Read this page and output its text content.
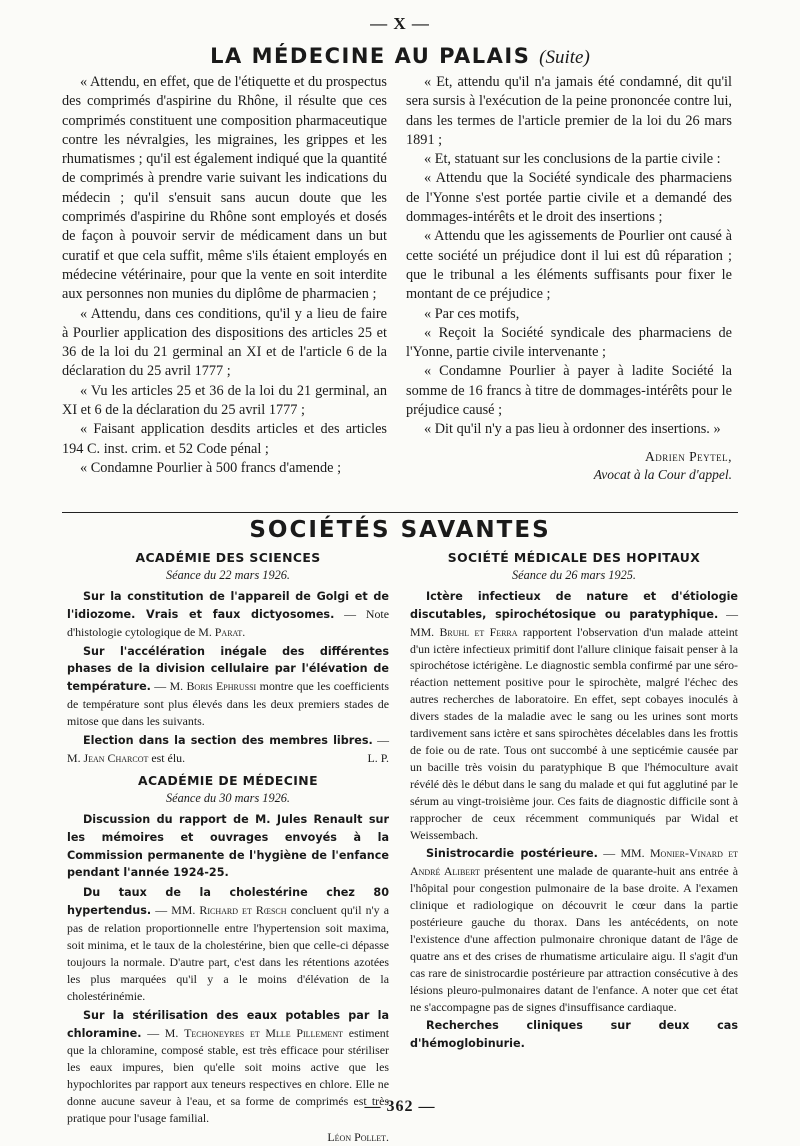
— X —
LA MÉDECINE AU PALAIS (Suite)

« Attendu, en effet, que de l'étiquette et du prospectus des comprimés d'aspirine du Rhône, il résulte que ces comprimés constituent une composition pharmaceutique contre les névralgies, les migraines, les grippes et les rhumatismes ; qu'il est également indiqué que la quantité de comprimés à prendre varie suivant les indications du médecin ; qu'il s'ensuit sans aucun doute que les comprimés d'aspirine du Rhône sont employés et dosés de façon à pouvoir servir de médicament dans un but curatif et que cela suffit, même s'ils étaient employés en médecine vétérinaire, pour que la vente en soit interdite aux personnes non munies du diplôme de pharmacien ;

« Attendu, dans ces conditions, qu'il y a lieu de faire à Pourlier application des dispositions des articles 25 et 36 de la loi du 21 germinal an XI et de l'article 6 de la déclaration du 25 avril 1777 ;

« Vu les articles 25 et 36 de la loi du 21 germinal, an XI et 6 de la déclaration du 25 avril 1777 ;

« Faisant application desdits articles et des articles 194 C. inst. crim. et 52 Code pénal ;

« Condamne Pourlier à 500 francs d'amende ;

« Et, attendu qu'il n'a jamais été condamné, dit qu'il sera sursis à l'exécution de la peine prononcée contre lui, dans les termes de l'article premier de la loi du 26 mars 1891 ;

« Et, statuant sur les conclusions de la partie civile :

« Attendu que la Société syndicale des pharmaciens de l'Yonne s'est portée partie civile et a demandé des dommages-intérêts et le droit des insertions ;

« Attendu que les agissements de Pourlier ont causé à cette société un préjudice dont il lui est dû réparation ; que le tribunal a les éléments suffisants pour fixer le montant de ce préjudice ;

« Par ces motifs,

« Reçoit la Société syndicale des pharmaciens de l'Yonne, partie civile intervenante ;

« Condamne Pourlier à payer à ladite Société la somme de 16 francs à titre de dommages-intérêts pour le préjudice causé ;

« Dit qu'il n'y a pas lieu à ordonner des insertions. »

Adrien Peytel,
Avocat à la Cour d'appel.
SOCIÉTÉS SAVANTES
ACADÉMIE DES SCIENCES
Séance du 22 mars 1926.

Sur la constitution de l'appareil de Golgi et de l'idiozome. Vrais et faux dictyosomes. — Note d'histologie cytologique de M. Parat.

Sur l'accélération inégale des différentes phases de la division cellulaire par l'élévation de température. — M. Boris Ephrussi montre que les coefficients de température sont plus élevés dans les deux premiers stades de mitose que dans les suivants.

Election dans la section des membres libres. — M. Jean Charcot est élu.	L. P.

ACADÉMIE DE MÉDECINE
Séance du 30 mars 1926.

Discussion du rapport de M. Jules Renault sur les mémoires et ouvrages envoyés à la Commission permanente de l'hygiène de l'enfance pendant l'année 1924-25.

Du taux de la cholestérine chez 80 hypertendus. — MM. Richard et Rœsch concluent qu'il n'y a pas de relation proportionnelle entre l'hypertension soit maxima, soit minima, et le taux de la cholestérine, bien que celle-ci dépasse toujours la normale. D'autre part, c'est dans les rétentions azotées les plus marquées qu'il y a le moins d'élévation de la cholestérinémie.

Sur la stérilisation des eaux potables par la chloramine. — M. Techoneyres et Mlle Pillement estiment que la chloramine, composé stable, est très efficace pour stériliser les eaux impures, bien qu'elle soit moins active que les hypochlorites par rapport aux teneurs respectives en chlore. Elle ne donne aucune saveur à l'eau, et sa forme de comprimés est très pratique pour l'usage familial.

Léon Pollet.
SOCIÉTÉ MÉDICALE DES HOPITAUX
Séance du 26 mars 1925.

Ictère infectieux de nature et d'étiologie discutables, spirochétosique ou paratyphique. — MM. Bruhl et Ferra rapportent l'observation d'un malade atteint d'un ictère infectieux primitif dont l'allure clinique faisait penser à la spirochétose ictérigène. Le diagnostic sembla confirmé par une séro-réaction nettement positive pour le spirochète, malgré l'échec des autres recherches de laboratoire. En effet, sept cobayes inoculés à divers stades de la maladie avec le sang ou les urines sont morts tardivement sans ictère et sans spirochètes décelables dans les frottis de foie ou de rate. Tous ont succombé à une septicémie causée par un bacille très voisin du paratyphique B que l'hémoculture avait révélé dès le début dans le sang du malade et qui fut agglutiné par le sérum au vingt-troisième jour. Ces faits de diagnostic difficile sont à rapprocher de ceux récemment communiqués par Widal et Weissembach.

Sinistrocardie postérieure. — MM. Monier-Vinard et André Alibert présentent une malade de quarante-huit ans entrée à l'hôpital pour congestion pulmonaire de la base droite. A l'examen clinique et radiologique on découvrit le cœur dans la partie postérieure gauche du thorax. Dans les antécédents, on note l'existence d'une affection pulmonaire chronique datant de l'âge de quatre ans et des crises de rhumatisme articulaire aigu. Il s'agit d'un cas rare de sinistrocardie postérieure par attraction consécutive à des lésions pleuro-pulmonaires datant de l'enfance. A noter que cet état ne s'accompagne pas de signes d'insuffisance cardiaque.

Recherches cliniques sur deux cas d'hémoglobinurie.

— 362 —
